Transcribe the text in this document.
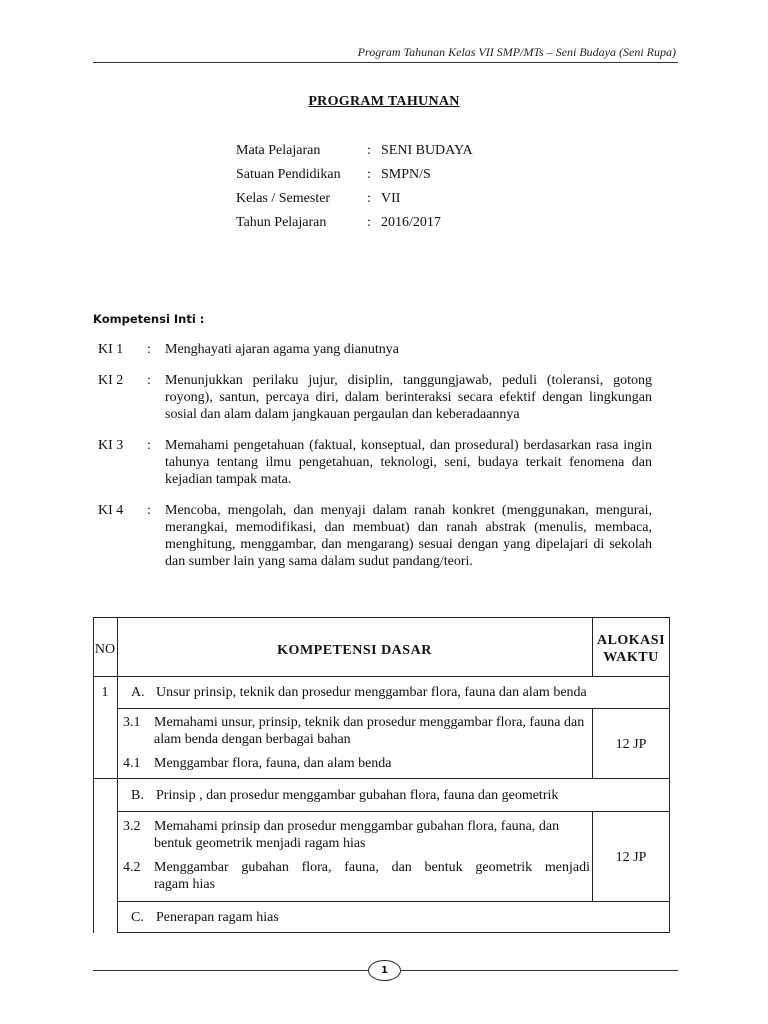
Program Tahunan Kelas VII SMP/MTs – Seni Budaya (Seni Rupa)
PROGRAM TAHUNAN
Mata Pelajaran	: SENI BUDAYA
Satuan Pendidikan	: SMPN/S
Kelas / Semester	: VII
Tahun Pelajaran	: 2016/2017
Kompetensi Inti :
KI 1 : Menghayati ajaran agama yang dianutnya
KI 2 : Menunjukkan perilaku jujur, disiplin, tanggungjawab, peduli (toleransi, gotong royong), santun, percaya diri, dalam berinteraksi secara efektif dengan lingkungan sosial dan alam dalam jangkauan pergaulan dan keberadaannya
KI 3 : Memahami pengetahuan (faktual, konseptual, dan prosedural) berdasarkan rasa ingin tahunya tentang ilmu pengetahuan, teknologi, seni, budaya terkait fenomena dan kejadian tampak mata.
KI 4 : Mencoba, mengolah, dan menyaji dalam ranah konkret (menggunakan, mengurai, merangkai, memodifikasi, dan membuat) dan ranah abstrak (menulis, membaca, menghitung, menggambar, dan mengarang) sesuai dengan yang dipelajari di sekolah dan sumber lain yang sama dalam sudut pandang/teori.
NO	KOMPETENSI DASAR
ALOKASI
WAKTU
1	A. Unsur prinsip, teknik dan prosedur menggambar flora, fauna dan alam benda
3.1 Memahami unsur, prinsip, teknik dan prosedur menggambar flora, fauna dan alam benda dengan berbagai bahan
4.1 Menggambar flora, fauna, dan alam benda
12 JP
B. Prinsip , dan prosedur menggambar gubahan flora, fauna dan geometrik
3.2 Memahami prinsip dan prosedur menggambar gubahan flora, fauna, dan bentuk geometrik menjadi ragam hias
4.2 Menggambar gubahan flora, fauna, dan bentuk geometrik menjadi
ragam hias
12 JP
C. Penerapan ragam hias
1
